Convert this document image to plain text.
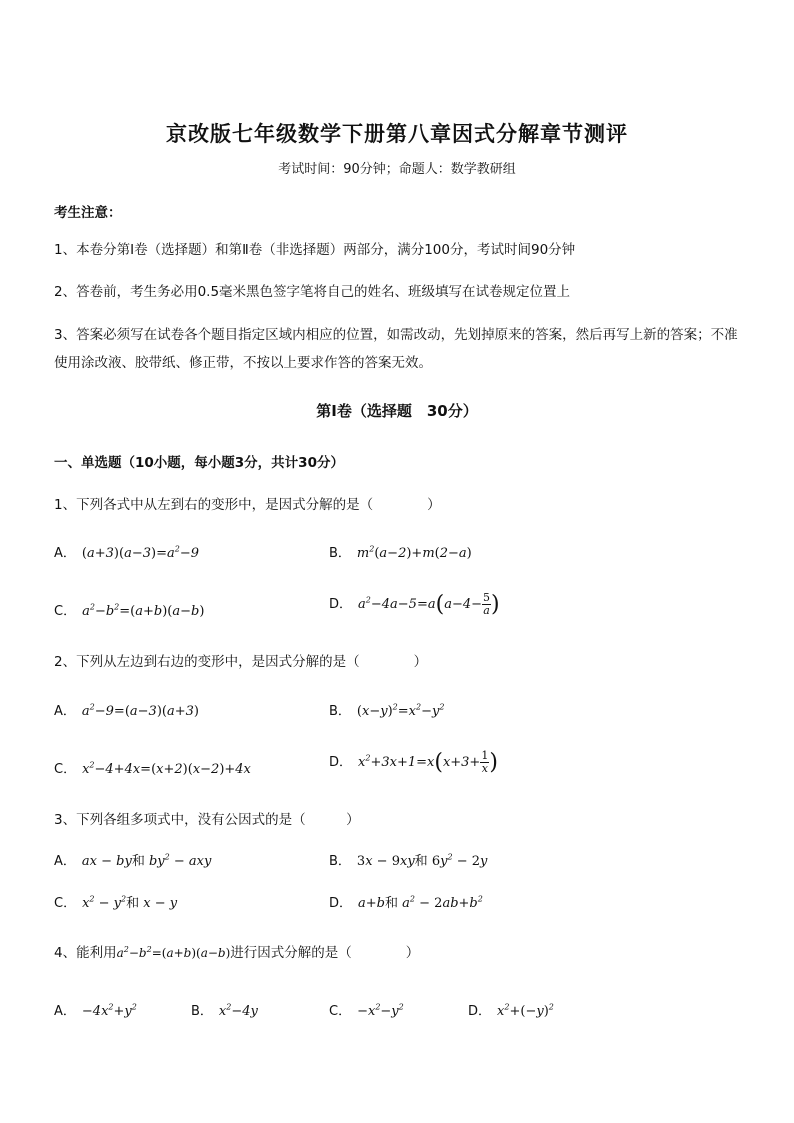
京改版七年级数学下册第八章因式分解章节测评
考试时间：90分钟；命题人：数学教研组
考生注意：
1、本卷分第Ⅰ卷（选择题）和第Ⅱ卷（非选择题）两部分，满分100分，考试时间90分钟
2、答卷前，考生务必用0.5毫米黑色签字笔将自己的姓名、班级填写在试卷规定位置上
3、答案必须写在试卷各个题目指定区域内相应的位置，如需改动，先划掉原来的答案，然后再写上新的答案；不准使用涂改液、胶带纸、修正带，不按以上要求作答的答案无效。
第Ⅰ卷（选择题　30分）
一、单选题（10小题，每小题3分，共计30分）
1、下列各式中从左到右的变形中，是因式分解的是（　　　　）
A． $(a+3)(a-3)=a^2-9$	B． $m^2(a-2)+m(2-a)$
C． $a^2-b^2=(a+b)(a-b)$	D． $a^2-4a-5=a(a-4- \frac{5}{a}$ )
2、下列从左边到右边的变形中，是因式分解的是（　　　　）
A． $a^2-9=(a-3)(a+3)$	B． $(x-y)^2=x^2-y^2$
C． $x^2-4+4x=(x+2)(x-2)+4x$	D． $x^2+3x+1=x(x+3+ \frac{1}{x}$ )
3、下列各组多项式中，没有公因式的是（　　　）
A． ax − by和 $by^2$ − axy	B． 3x − 9xy和 $6y^2 - 2y$
C． $x^2 - y^2$和 x − y	D． a+b和 $a^2 - 2ab+b^2$
4、能利用$a^2-b^2=(a+b)(a-b)$进行因式分解的是（　　　　）
A． $-4x^2+y^2$	B． $x^2-4y$	C． $-x^2-y^2$	D． $x^2+(-y)^2$
